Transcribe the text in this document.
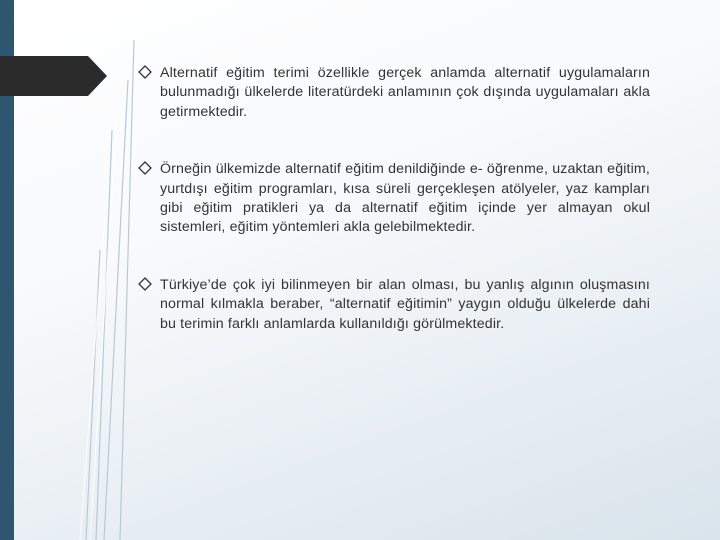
Alternatif eğitim terimi özellikle gerçek anlamda alternatif uygulamaların bulunmadığı ülkelerde literatürdeki anlamının çok dışında uygulamaları akla getirmektedir.
Örneğin ülkemizde alternatif eğitim denildiğinde e- öğrenme, uzaktan eğitim, yurtdışı eğitim programları, kısa süreli gerçekleşen atölyeler, yaz kampları gibi eğitim pratikleri ya da alternatif eğitim içinde yer almayan okul sistemleri, eğitim yöntemleri akla gelebilmektedir.
Türkiye’de çok iyi bilinmeyen bir alan olması, bu yanlış algının oluşmasını normal kılmakla beraber, “alternatif eğitimin” yaygın olduğu ülkelerde dahi bu terimin farklı anlamlarda kullanıldığı görülmektedir.
